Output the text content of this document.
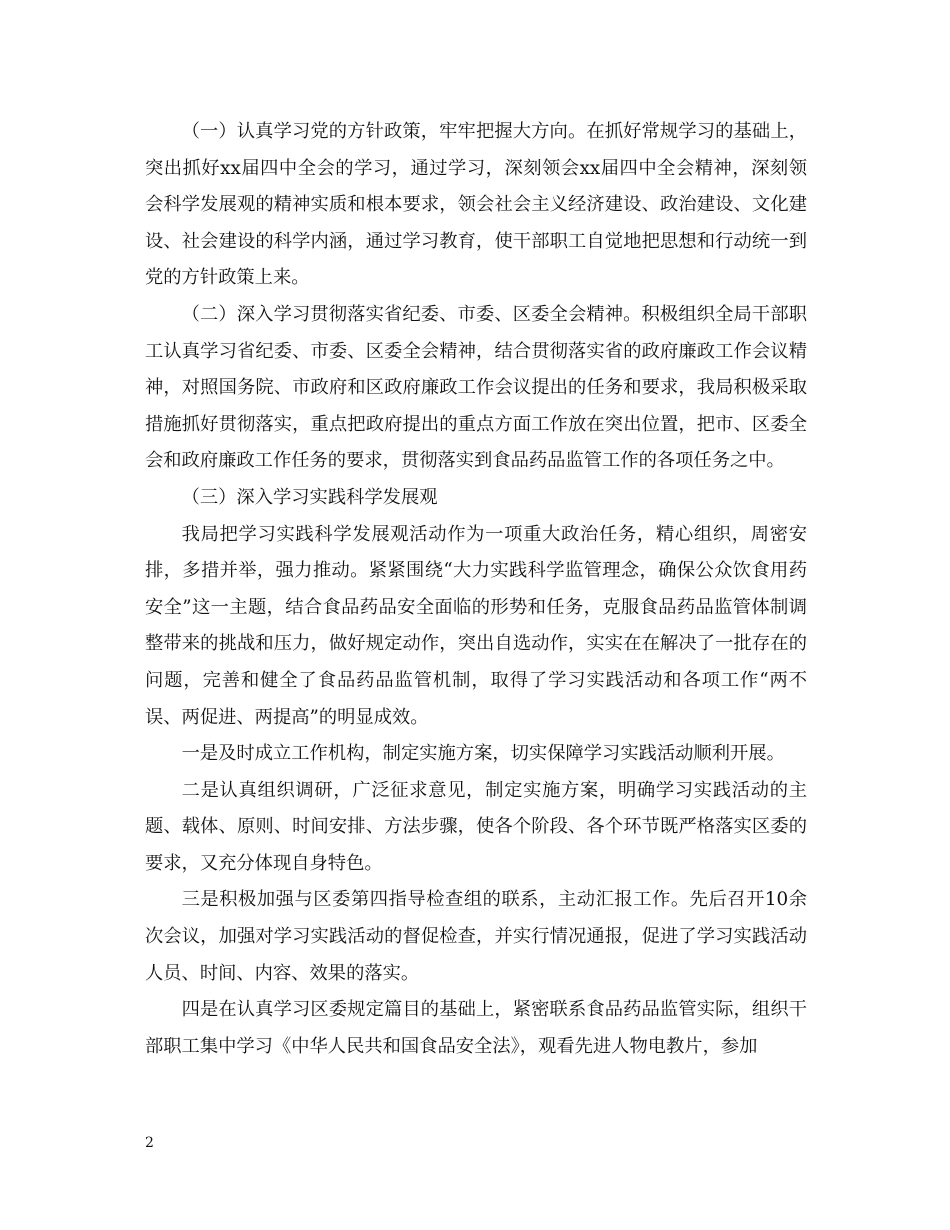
（一）认真学习党的方针政策，牢牢把握大方向。在抓好常规学习的基础上，突出抓好xx届四中全会的学习，通过学习，深刻领会xx届四中全会精神，深刻领会科学发展观的精神实质和根本要求，领会社会主义经济建设、政治建设、文化建设、社会建设的科学内涵，通过学习教育，使干部职工自觉地把思想和行动统一到党的方针政策上来。

（二）深入学习贯彻落实省纪委、市委、区委全会精神。积极组织全局干部职工认真学习省纪委、市委、区委全会精神，结合贯彻落实省的政府廉政工作会议精神，对照国务院、市政府和区政府廉政工作会议提出的任务和要求，我局积极采取措施抓好贯彻落实，重点把政府提出的重点方面工作放在突出位置，把市、区委全会和政府廉政工作任务的要求，贯彻落实到食品药品监管工作的各项任务之中。

（三）深入学习实践科学发展观

我局把学习实践科学发展观活动作为一项重大政治任务，精心组织，周密安排，多措并举，强力推动。紧紧围绕“大力实践科学监管理念，确保公众饮食用药安全”这一主题，结合食品药品安全面临的形势和任务，克服食品药品监管体制调整带来的挑战和压力，做好规定动作，突出自选动作，实实在在解决了一批存在的问题，完善和健全了食品药品监管机制，取得了学习实践活动和各项工作“两不误、两促进、两提高”的明显成效。

一是及时成立工作机构，制定实施方案，切实保障学习实践活动顺利开展。

二是认真组织调研，广泛征求意见，制定实施方案，明确学习实践活动的主题、载体、原则、时间安排、方法步骤，使各个阶段、各个环节既严格落实区委的要求，又充分体现自身特色。

三是积极加强与区委第四指导检查组的联系，主动汇报工作。先后召开10余次会议，加强对学习实践活动的督促检查，并实行情况通报，促进了学习实践活动人员、时间、内容、效果的落实。

四是在认真学习区委规定篇目的基础上，紧密联系食品药品监管实际，组织干部职工集中学习《中华人民共和国食品安全法》，观看先进人物电教片，参加

2
